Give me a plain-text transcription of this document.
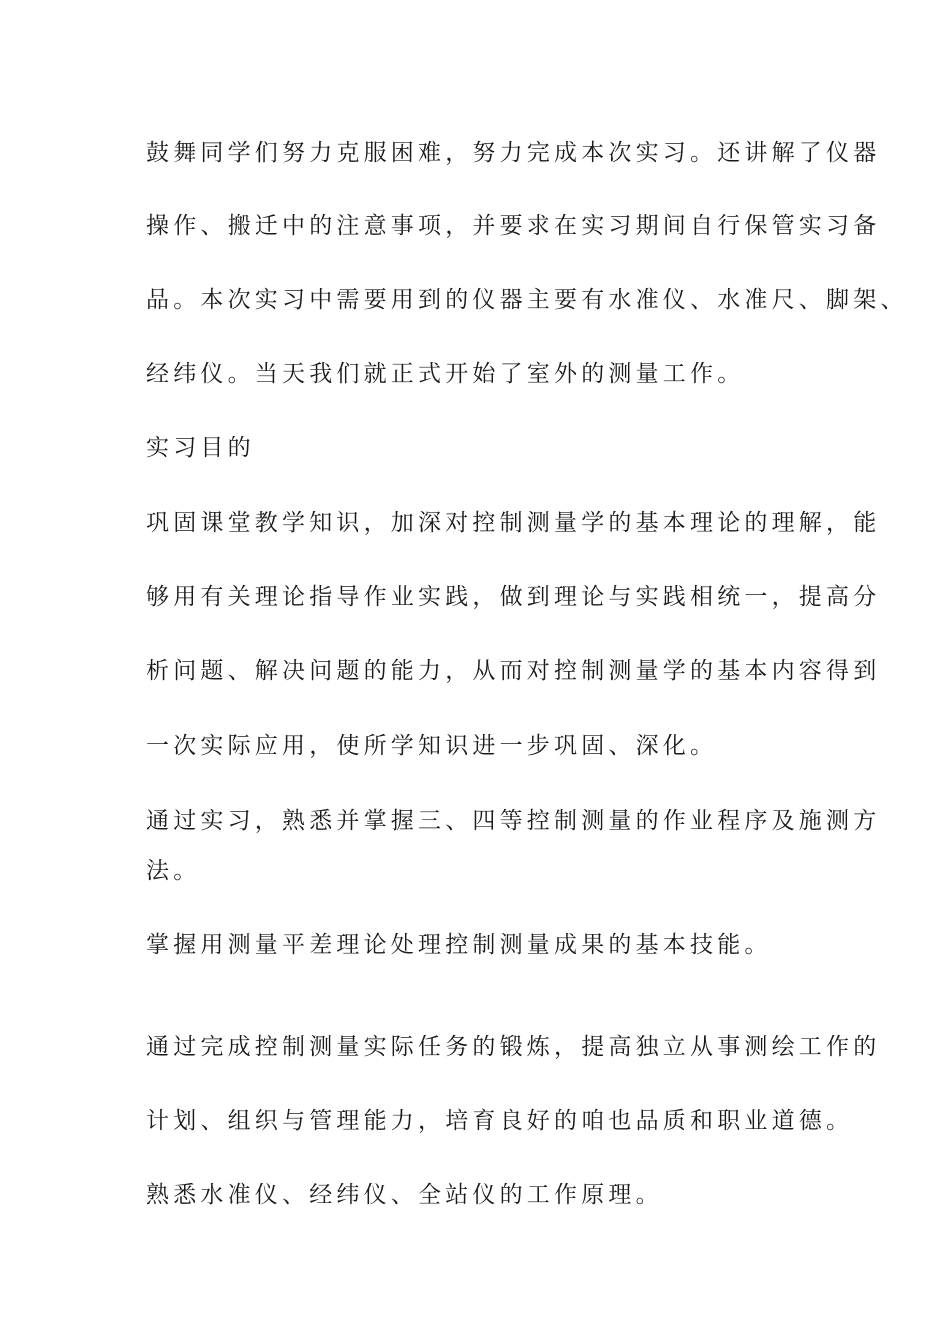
鼓舞同学们努力克服困难，努力完成本次实习。还讲解了仪器
操作、搬迁中的注意事项，并要求在实习期间自行保管实习备
品。本次实习中需要用到的仪器主要有水准仪、水准尺、脚架、
经纬仪。当天我们就正式开始了室外的测量工作。
实习目的
巩固课堂教学知识，加深对控制测量学的基本理论的理解，能
够用有关理论指导作业实践，做到理论与实践相统一，提高分
析问题、解决问题的能力，从而对控制测量学的基本内容得到
一次实际应用，使所学知识进一步巩固、深化。
通过实习，熟悉并掌握三、四等控制测量的作业程序及施测方
法。
掌握用测量平差理论处理控制测量成果的基本技能。
通过完成控制测量实际任务的锻炼，提高独立从事测绘工作的
计划、组织与管理能力，培育良好的咱也品质和职业道德。
熟悉水准仪、经纬仪、全站仪的工作原理。
